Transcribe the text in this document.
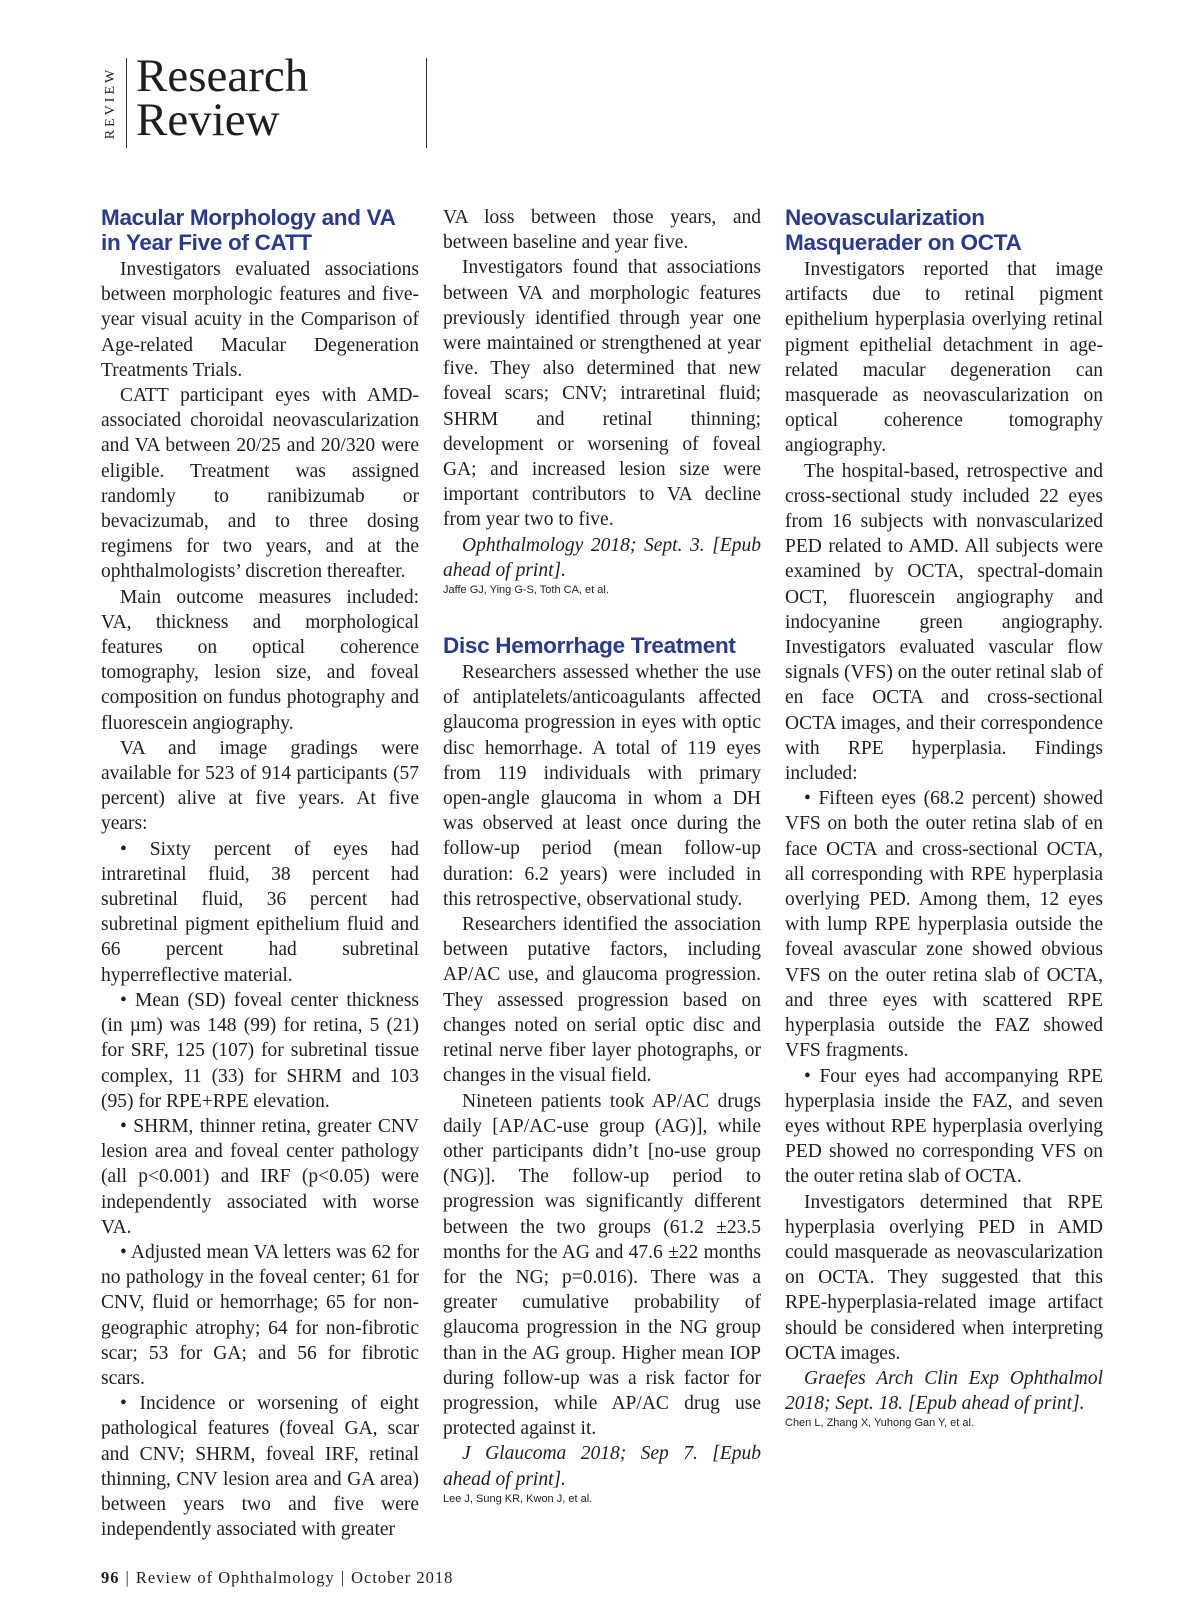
REVIEW Research
Review
Macular Morphology and VA in Year Five of CATT

Investigators evaluated associations between morphologic features and five-year visual acuity in the Comparison of Age-related Macular Degeneration Treatments Trials.

CATT participant eyes with AMD-associated choroidal neovascularization and VA between 20/25 and 20/320 were eligible. Treatment was assigned randomly to ranibizumab or bevacizumab, and to three dosing regimens for two years, and at the ophthalmologists’ discretion thereafter.

Main outcome measures included: VA, thickness and morphological features on optical coherence tomography, lesion size, and foveal composition on fundus photography and fluorescein angiography.

VA and image gradings were available for 523 of 914 participants (57 percent) alive at five years. At five years:

• Sixty percent of eyes had intraretinal fluid, 38 percent had subretinal fluid, 36 percent had subretinal pigment epithelium fluid and 66 percent had subretinal hyperreflective material.

• Mean (SD) foveal center thickness (in µm) was 148 (99) for retina, 5 (21) for SRF, 125 (107) for subretinal tissue complex, 11 (33) for SHRM and 103 (95) for RPE+RPE elevation.

• SHRM, thinner retina, greater CNV lesion area and foveal center pathology (all p<0.001) and IRF (p<0.05) were independently associated with worse VA.

• Adjusted mean VA letters was 62 for no pathology in the foveal center; 61 for CNV, fluid or hemorrhage; 65 for non-geographic atrophy; 64 for non-fibrotic scar; 53 for GA; and 56 for fibrotic scars.

• Incidence or worsening of eight pathological features (foveal GA, scar and CNV; SHRM, foveal IRF, retinal thinning, CNV lesion area and GA area) between years two and five were independently associated with greater

VA loss between those years, and between baseline and year five.

Investigators found that associations between VA and morphologic features previously identified through year one were maintained or strengthened at year five. They also determined that new foveal scars; CNV; intraretinal fluid; SHRM and retinal thinning; development or worsening of foveal GA; and increased lesion size were important contributors to VA decline from year two to five.

Ophthalmology 2018; Sept. 3. [Epub ahead of print].

Jaffe GJ, Ying G-S, Toth CA, et al.
Disc Hemorrhage Treatment

Researchers assessed whether the use of antiplatelets/anticoagulants affected glaucoma progression in eyes with optic disc hemorrhage. A total of 119 eyes from 119 individuals with primary open-angle glaucoma in whom a DH was observed at least once during the follow-up period (mean follow-up duration: 6.2 years) were included in this retrospective, observational study.

Researchers identified the association between putative factors, including AP/AC use, and glaucoma progression. They assessed progression based on changes noted on serial optic disc and retinal nerve fiber layer photographs, or changes in the visual field.

Nineteen patients took AP/AC drugs daily [AP/AC-use group (AG)], while other participants didn’t [no-use group (NG)]. The follow-up period to progression was significantly different between the two groups (61.2 ±23.5 months for the AG and 47.6 ±22 months for the NG; p=0.016). There was a greater cumulative probability of glaucoma progression in the NG group than in the AG group. Higher mean IOP during follow-up was a risk factor for progression, while AP/AC drug use protected against it.

J Glaucoma 2018; Sep 7. [Epub ahead of print].

Lee J, Sung KR, Kwon J, et al.
Neovascularization Masquerader on OCTA

Investigators reported that image artifacts due to retinal pigment epithelium hyperplasia overlying retinal pigment epithelial detachment in age-related macular degeneration can masquerade as neovascularization on optical coherence tomography angiography.

The hospital-based, retrospective and cross-sectional study included 22 eyes from 16 subjects with nonvascularized PED related to AMD. All subjects were examined by OCTA, spectral-domain OCT, fluorescein angiography and indocyanine green angiography. Investigators evaluated vascular flow signals (VFS) on the outer retinal slab of en face OCTA and cross-sectional OCTA images, and their correspondence with RPE hyperplasia. Findings included:

• Fifteen eyes (68.2 percent) showed VFS on both the outer retina slab of en face OCTA and cross-sectional OCTA, all corresponding with RPE hyperplasia overlying PED. Among them, 12 eyes with lump RPE hyperplasia outside the foveal avascular zone showed obvious VFS on the outer retina slab of OCTA, and three eyes with scattered RPE hyperplasia outside the FAZ showed VFS fragments.

• Four eyes had accompanying RPE hyperplasia inside the FAZ, and seven eyes without RPE hyperplasia overlying PED showed no corresponding VFS on the outer retina slab of OCTA.

Investigators determined that RPE hyperplasia overlying PED in AMD could masquerade as neovascularization on OCTA. They suggested that this RPE-hyperplasia-related image artifact should be considered when interpreting OCTA images.

Graefes Arch Clin Exp Ophthalmol 2018; Sept. 18. [Epub ahead of print].

Chen L, Zhang X, Yuhong Gan Y, et al.
96 | Review of Ophthalmology | October 2018
